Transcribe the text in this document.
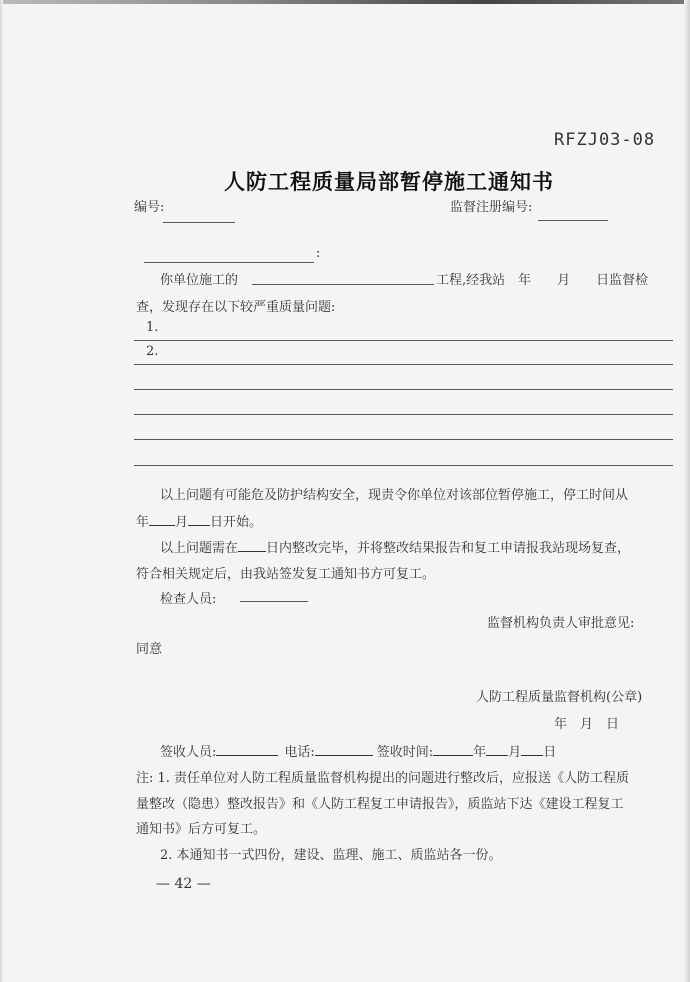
RFZJ03-08
人防工程质量局部暂停施工通知书
编号:	监督注册编号:
:
你单位施工的	工程,经我站　年　　月　　日监督检
查，发现存在以下较严重质量问题:
1.
2.
以上问题有可能危及防护结构安全，现责令你单位对该部位暂停施工，停工时间从
年 月 日开始。
以上问题需在 日内整改完毕，并将整改结果报告和复工申请报我站现场复查，
符合相关规定后，由我站签发复工通知书方可复工。
检查人员:
监督机构负责人审批意见:
同意
人防工程质量监督机构(公章)
年　月　日
签收人员:	电话:	签收时间:	年 月 日
注: 1. 责任单位对人防工程质量监督机构提出的问题进行整改后，应报送《人防工程质
量整改（隐患）整改报告》和《人防工程复工申请报告》，质监站下达《建设工程复工
通知书》后方可复工。
2. 本通知书一式四份，建设、监理、施工、质监站各一份。
— 42 —
